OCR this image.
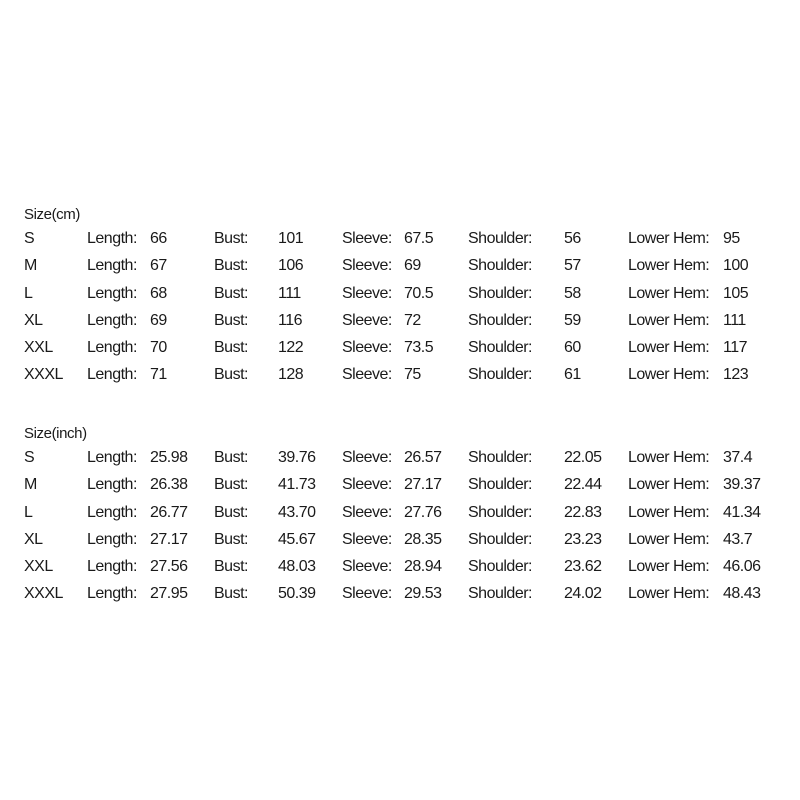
Size(cm)
S	Length: 66	Bust: 101 Sleeve: 67.5 Shoulder: 56	Lower Hem: 95
M	Length: 67	Bust: 106 Sleeve: 69	Shoulder: 57	Lower Hem: 100
L	Length: 68	Bust: 111	Sleeve: 70.5 Shoulder: 58	Lower Hem: 105
XL	Length: 69	Bust: 116 Sleeve: 72	Shoulder: 59	Lower Hem: 111
XXL Length: 70	Bust: 122 Sleeve: 73.5 Shoulder: 60	Lower Hem: 117
XXXL Length: 71	Bust: 128 Sleeve: 75	Shoulder: 61	Lower Hem: 123
Size(inch)
S	Length: 25.98 Bust: 39.76 Sleeve: 26.57 Shoulder: 22.05 Lower Hem: 37.4
M	Length: 26.38 Bust: 41.73 Sleeve: 27.17 Shoulder: 22.44 Lower Hem: 39.37
L	Length: 26.77 Bust: 43.70 Sleeve: 27.76 Shoulder: 22.83 Lower Hem: 41.34
XL	Length: 27.17 Bust: 45.67 Sleeve: 28.35 Shoulder: 23.23 Lower Hem: 43.7
XXL Length: 27.56 Bust: 48.03 Sleeve: 28.94 Shoulder: 23.62 Lower Hem: 46.06
XXXL Length: 27.95 Bust: 50.39 Sleeve: 29.53 Shoulder: 24.02 Lower Hem: 48.43
